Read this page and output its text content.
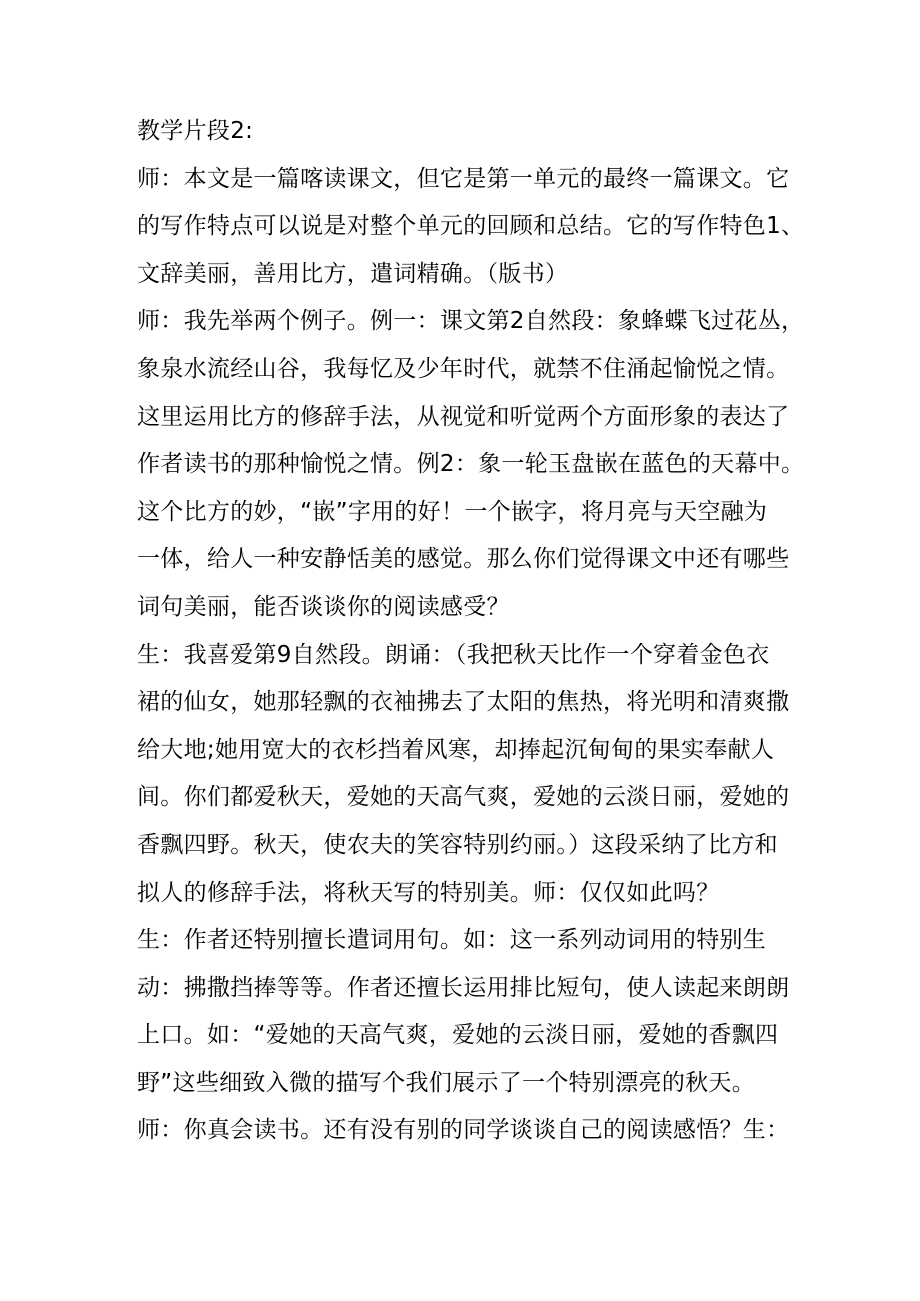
教学片段2:
师：本文是一篇喀读课文，但它是第一单元的最终一篇课文。它
的写作特点可以说是对整个单元的回顾和总结。它的写作特色1、
文辞美丽，善用比方，遣词精确。（版书）
师：我先举两个例子。例一：课文第2自然段：象蜂蝶飞过花丛，
象泉水流经山谷，我每忆及少年时代，就禁不住涌起愉悦之情。
这里运用比方的修辞手法，从视觉和听觉两个方面形象的表达了
作者读书的那种愉悦之情。例2：象一轮玉盘嵌在蓝色的天幕中。
这个比方的妙，“嵌”字用的好！一个嵌字，将月亮与天空融为
一体，给人一种安静恬美的感觉。那么你们觉得课文中还有哪些
词句美丽，能否谈谈你的阅读感受？
生：我喜爱第9自然段。朗诵：（我把秋天比作一个穿着金色衣
裙的仙女，她那轻飘的衣袖拂去了太阳的焦热，将光明和清爽撒
给大地;她用宽大的衣杉挡着风寒，却捧起沉甸甸的果实奉献人
间。你们都爱秋天，爱她的天高气爽，爱她的云淡日丽，爱她的
香飘四野。秋天，使农夫的笑容特别约丽。）这段采纳了比方和
拟人的修辞手法，将秋天写的特别美。师：仅仅如此吗？
生：作者还特别擅长遣词用句。如：这一系列动词用的特别生
动：拂撒挡捧等等。作者还擅长运用排比短句，使人读起来朗朗
上口。如：“爱她的天高气爽，爱她的云淡日丽，爱她的香飘四
野”这些细致入微的描写个我们展示了一个特别漂亮的秋天。
师：你真会读书。还有没有别的同学谈谈自己的阅读感悟？生：
